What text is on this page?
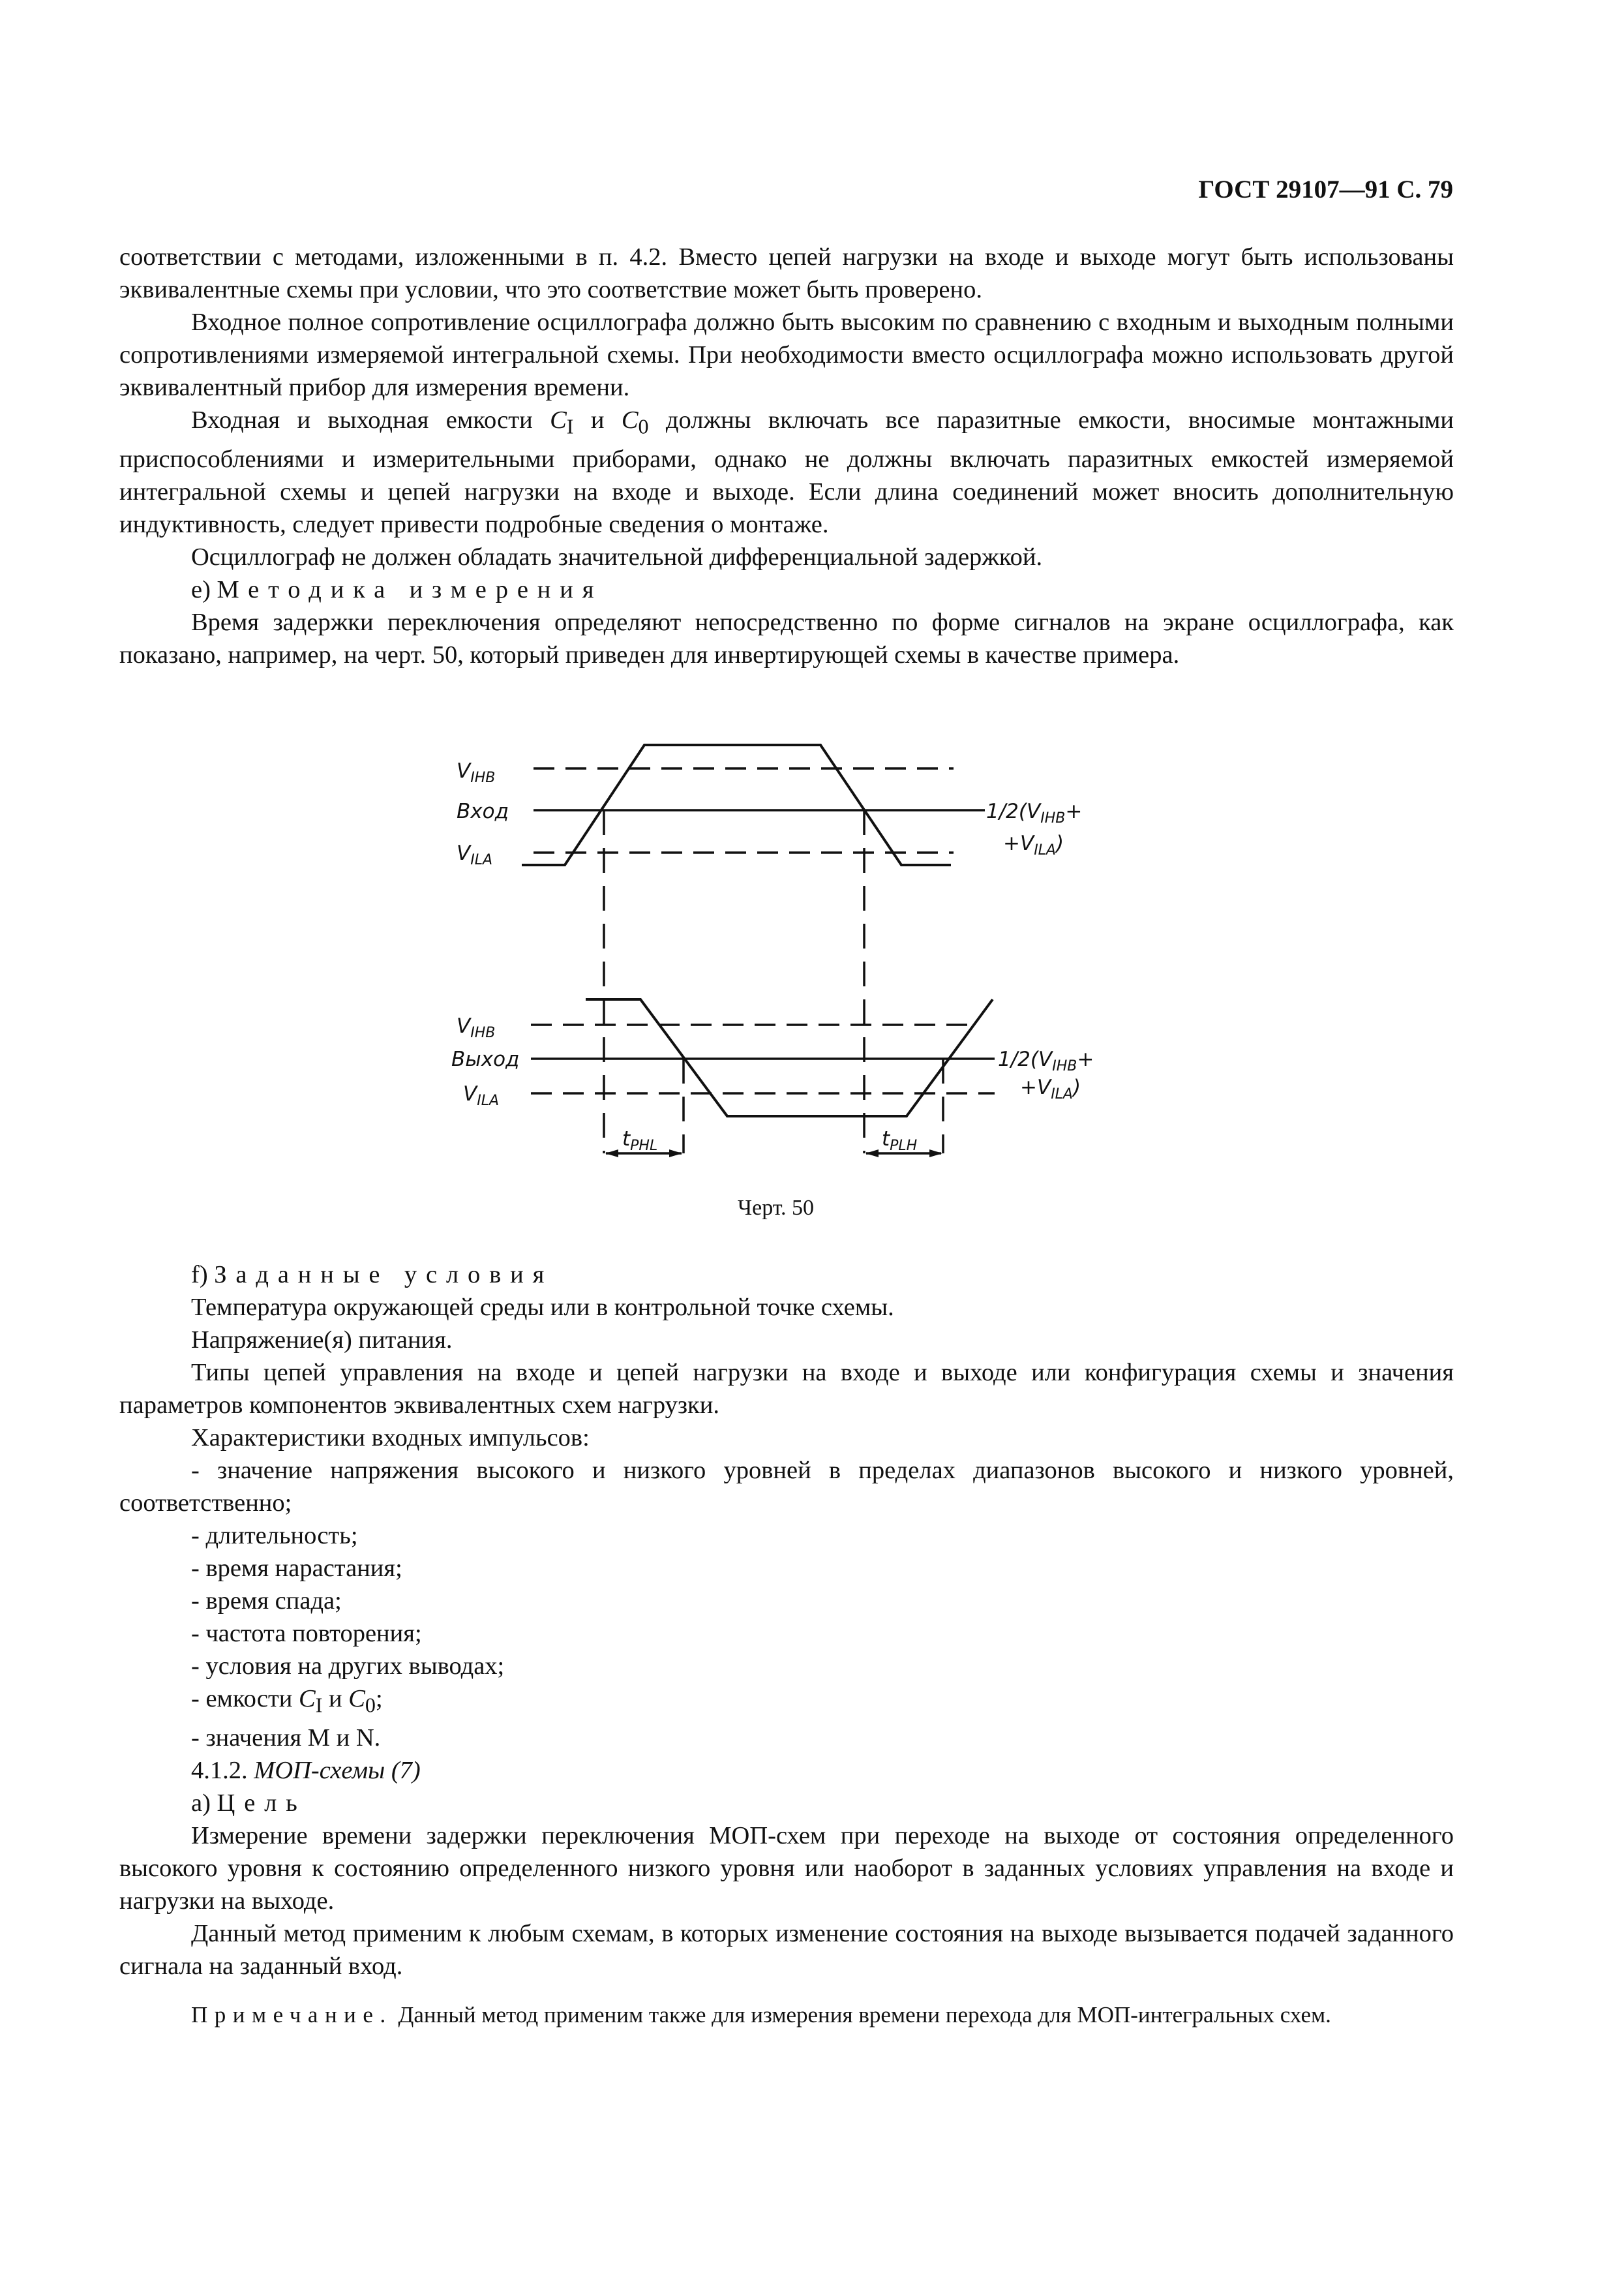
ГОСТ 29107—91 С. 79

соответствии с методами, изложенными в п. 4.2. Вместо цепей нагрузки на входе и выходе могут быть использованы эквивалентные схемы при условии, что это соответствие может быть проверено.

Входное полное сопротивление осциллографа должно быть высоким по сравнению с входным и выходным полными сопротивлениями измеряемой интегральной схемы. При необходимости вместо осциллографа можно использовать другой эквивалентный прибор для измерения времени.

Входная и выходная емкости $C_I$ и $C_0$ должны включать все паразитные емкости, вносимые монтажными приспособлениями и измерительными приборами, однако не должны включать паразитных емкостей измеряемой интегральной схемы и цепей нагрузки на входе и выходе. Если длина соединений может вносить дополнительную индуктивность, следует привести подробные сведения о монтаже.

Осциллограф не должен обладать значительной дифференциальной задержкой.

е) Методика измерения

Время задержки переключения определяют непосредственно по форме сигналов на экране осциллографа, как показано, например, на черт. 50, который приведен для инвертирующей схемы в качестве примера.

$V_{IHB}$
Вход
$V_{ILA}$
$V_{IHB}$
Выход
$V_{ILA}$
$1/2(V_{IHB}+$
$+V_{ILA}$)
$1/2(V_{IHB}+$
$+V_{ILA}$)
$t_{PHL}$	$t_{PLH}$
Черт. 50

f) Заданные условия

Температура окружающей среды или в контрольной точке схемы.

Напряжение(я) питания.

Типы цепей управления на входе и цепей нагрузки на входе и выходе или конфигурация схемы и значения параметров компонентов эквивалентных схем нагрузки.

Характеристики входных импульсов:

- значение напряжения высокого и низкого уровней в пределах диапазонов высокого и низкого уровней, соответственно;

- длительность;

- время нарастания;

- время спада;

- частота повторения;

- условия на других выводах;

- емкости $C_I$ и $C_0$;

- значения М и N.

4.1.2. МОП-схемы (7)

а) Цель

Измерение времени задержки переключения МОП-схем при переходе на выходе от состояния определенного высокого уровня к состоянию определенного низкого уровня или наоборот в заданных условиях управления на входе и нагрузки на выходе.

Данный метод применим к любым схемам, в которых изменение состояния на выходе вызывается подачей заданного сигнала на заданный вход.

Примечание. Данный метод применим также для измерения времени перехода для МОП-интегральных схем.
